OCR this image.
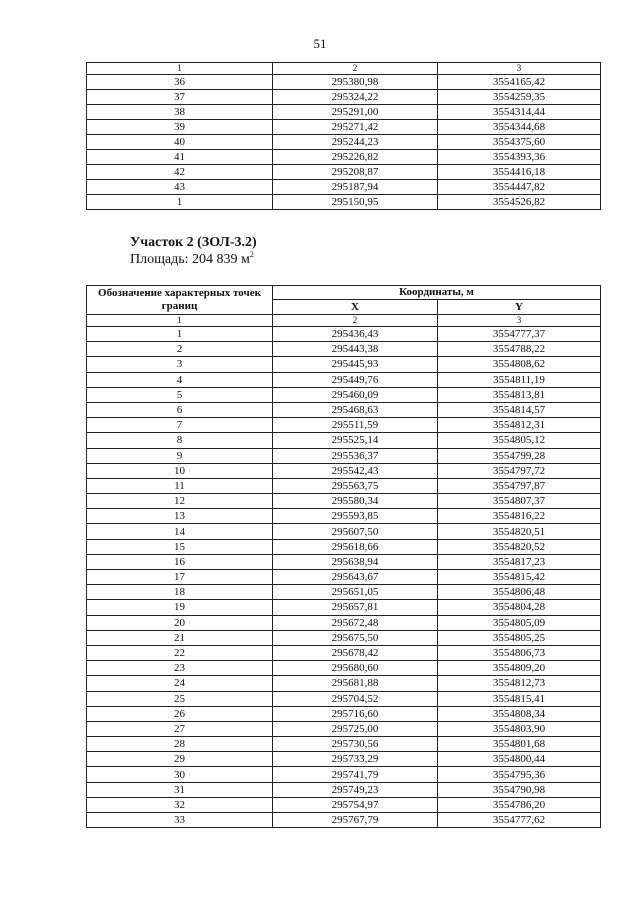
51
1	2	3
36	295380,98	3554165,42
37	295324,22	3554259,35
38	295291,00	3554314,44
39	295271,42	3554344,68
40	295244,23	3554375,60
41	295226,82	3554393,36
42	295208,87	3554416,18
43	295187,94	3554447,82
1	295150,95	3554526,82
Участок 2 (ЗОЛ-3.2)
Площадь: 204 839 $м^2$
Обозначение характерных точек границ	Координаты, м	
	X	Y
1	2	3
1	295436,43	3554777,37
2	295443,38	3554788,22
3	295445,93	3554808,62
4	295449,76	3554811,19
5	295460,09	3554813,81
6	295468,63	3554814,57
7	295511,59	3554812,31
8	295525,14	3554805,12
9	295536,37	3554799,28
10	295542,43	3554797,72
11	295563,75	3554797,87
12	295580,34	3554807,37
13	295593,85	3554816,22
14	295607,50	3554820,51
15	295618,66	3554820,52
16	295638,94	3554817,23
17	295643,67	3554815,42
18	295651,05	3554806,48
19	295657,81	3554804,28
20	295672,48	3554805,09
21	295675,50	3554805,25
22	295678,42	3554806,73
23	295680,60	3554809,20
24	295681,88	3554812,73
25	295704,52	3554815,41
26	295716,60	3554808,34
27	295725,00	3554803,90
28	295730,56	3554801,68
29	295733,29	3554800,44
30	295741,79	3554795,36
31	295749,23	3554790,98
32	295754,97	3554786,20
33	295767,79	3554777,62
